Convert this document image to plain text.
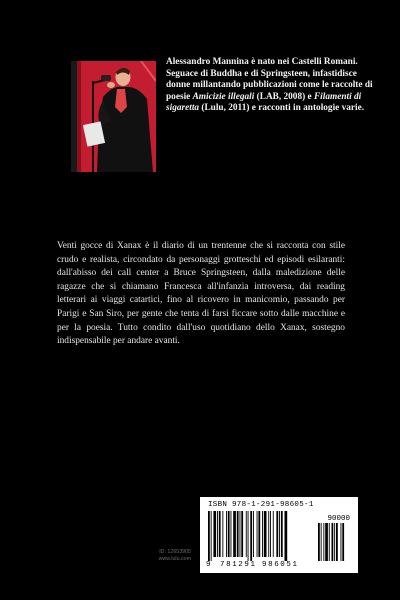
Alessandro Mannina è nato nei Castelli Romani. Seguace di Buddha e di Springsteen, infastidisce donne millantando pubblicazioni come le raccolte di poesie Amicizie illegali (LAB, 2008) e Filamenti di sigaretta (Lulu, 2011) e racconti in antologie varie.
Venti gocce di Xanax è il diario di un trentenne che si racconta con stile crudo e realista, circondato da personaggi grotteschi ed episodi esilaranti: dall'abisso dei call center a Bruce Springsteen, dalla maledizione delle ragazze che si chiamano Francesca all'infanzia introversa, dai reading letterari ai viaggi catartici, fino al ricovero in manicomio, passando per Parigi e San Siro, per gente che tenta di farsi ficcare sotto dalle macchine e per la poesia. Tutto condito dall'uso quotidiano dello Xanax, sostegno indispensabile per andare avanti.
ID: 12653905
www.lulu.com
ISBN 978-1-291-98605-1
90000
9 781291 986051
